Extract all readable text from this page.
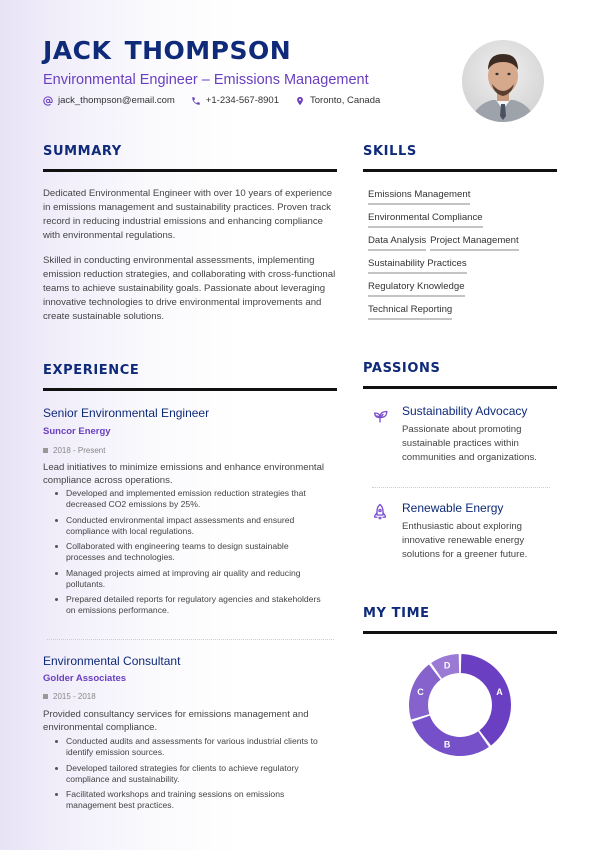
JACK THOMPSON
Environmental Engineer – Emissions Management
jack_thompson@email.com	+1-234-567-8901	Toronto, Canada
SUMMARY
Dedicated Environmental Engineer with over 10 years of experience in emissions management and sustainability practices. Proven track record in reducing industrial emissions and enhancing compliance with environmental regulations.
Skilled in conducting environmental assessments, implementing emission reduction strategies, and collaborating with cross-functional teams to achieve sustainability goals. Passionate about leveraging innovative technologies to drive environmental improvements and create sustainable solutions.
SKILLS
Emissions Management
Environmental Compliance
Data Analysis Project Management
Sustainability Practices
Regulatory Knowledge
Technical Reporting
EXPERIENCE
Senior Environmental Engineer
Suncor Energy
2018 - Present
Lead initiatives to minimize emissions and enhance environmental compliance across operations.
Developed and implemented emission reduction strategies that decreased CO2 emissions by 25%.
Conducted environmental impact assessments and ensured compliance with local regulations.
Collaborated with engineering teams to design sustainable processes and technologies.
Managed projects aimed at improving air quality and reducing pollutants.
Prepared detailed reports for regulatory agencies and stakeholders on emissions performance.
Environmental Consultant
Golder Associates
2015 - 2018
Provided consultancy services for emissions management and environmental compliance.
Conducted audits and assessments for various industrial clients to identify emission sources.
Developed tailored strategies for clients to achieve regulatory compliance and sustainability.
Facilitated workshops and training sessions on emissions management best practices.
PASSIONS
Sustainability Advocacy
Passionate about promoting sustainable practices within communities and organizations.
Renewable Energy
Enthusiastic about exploring innovative renewable energy solutions for a greener future.
MY TIME
A
B
C
D
